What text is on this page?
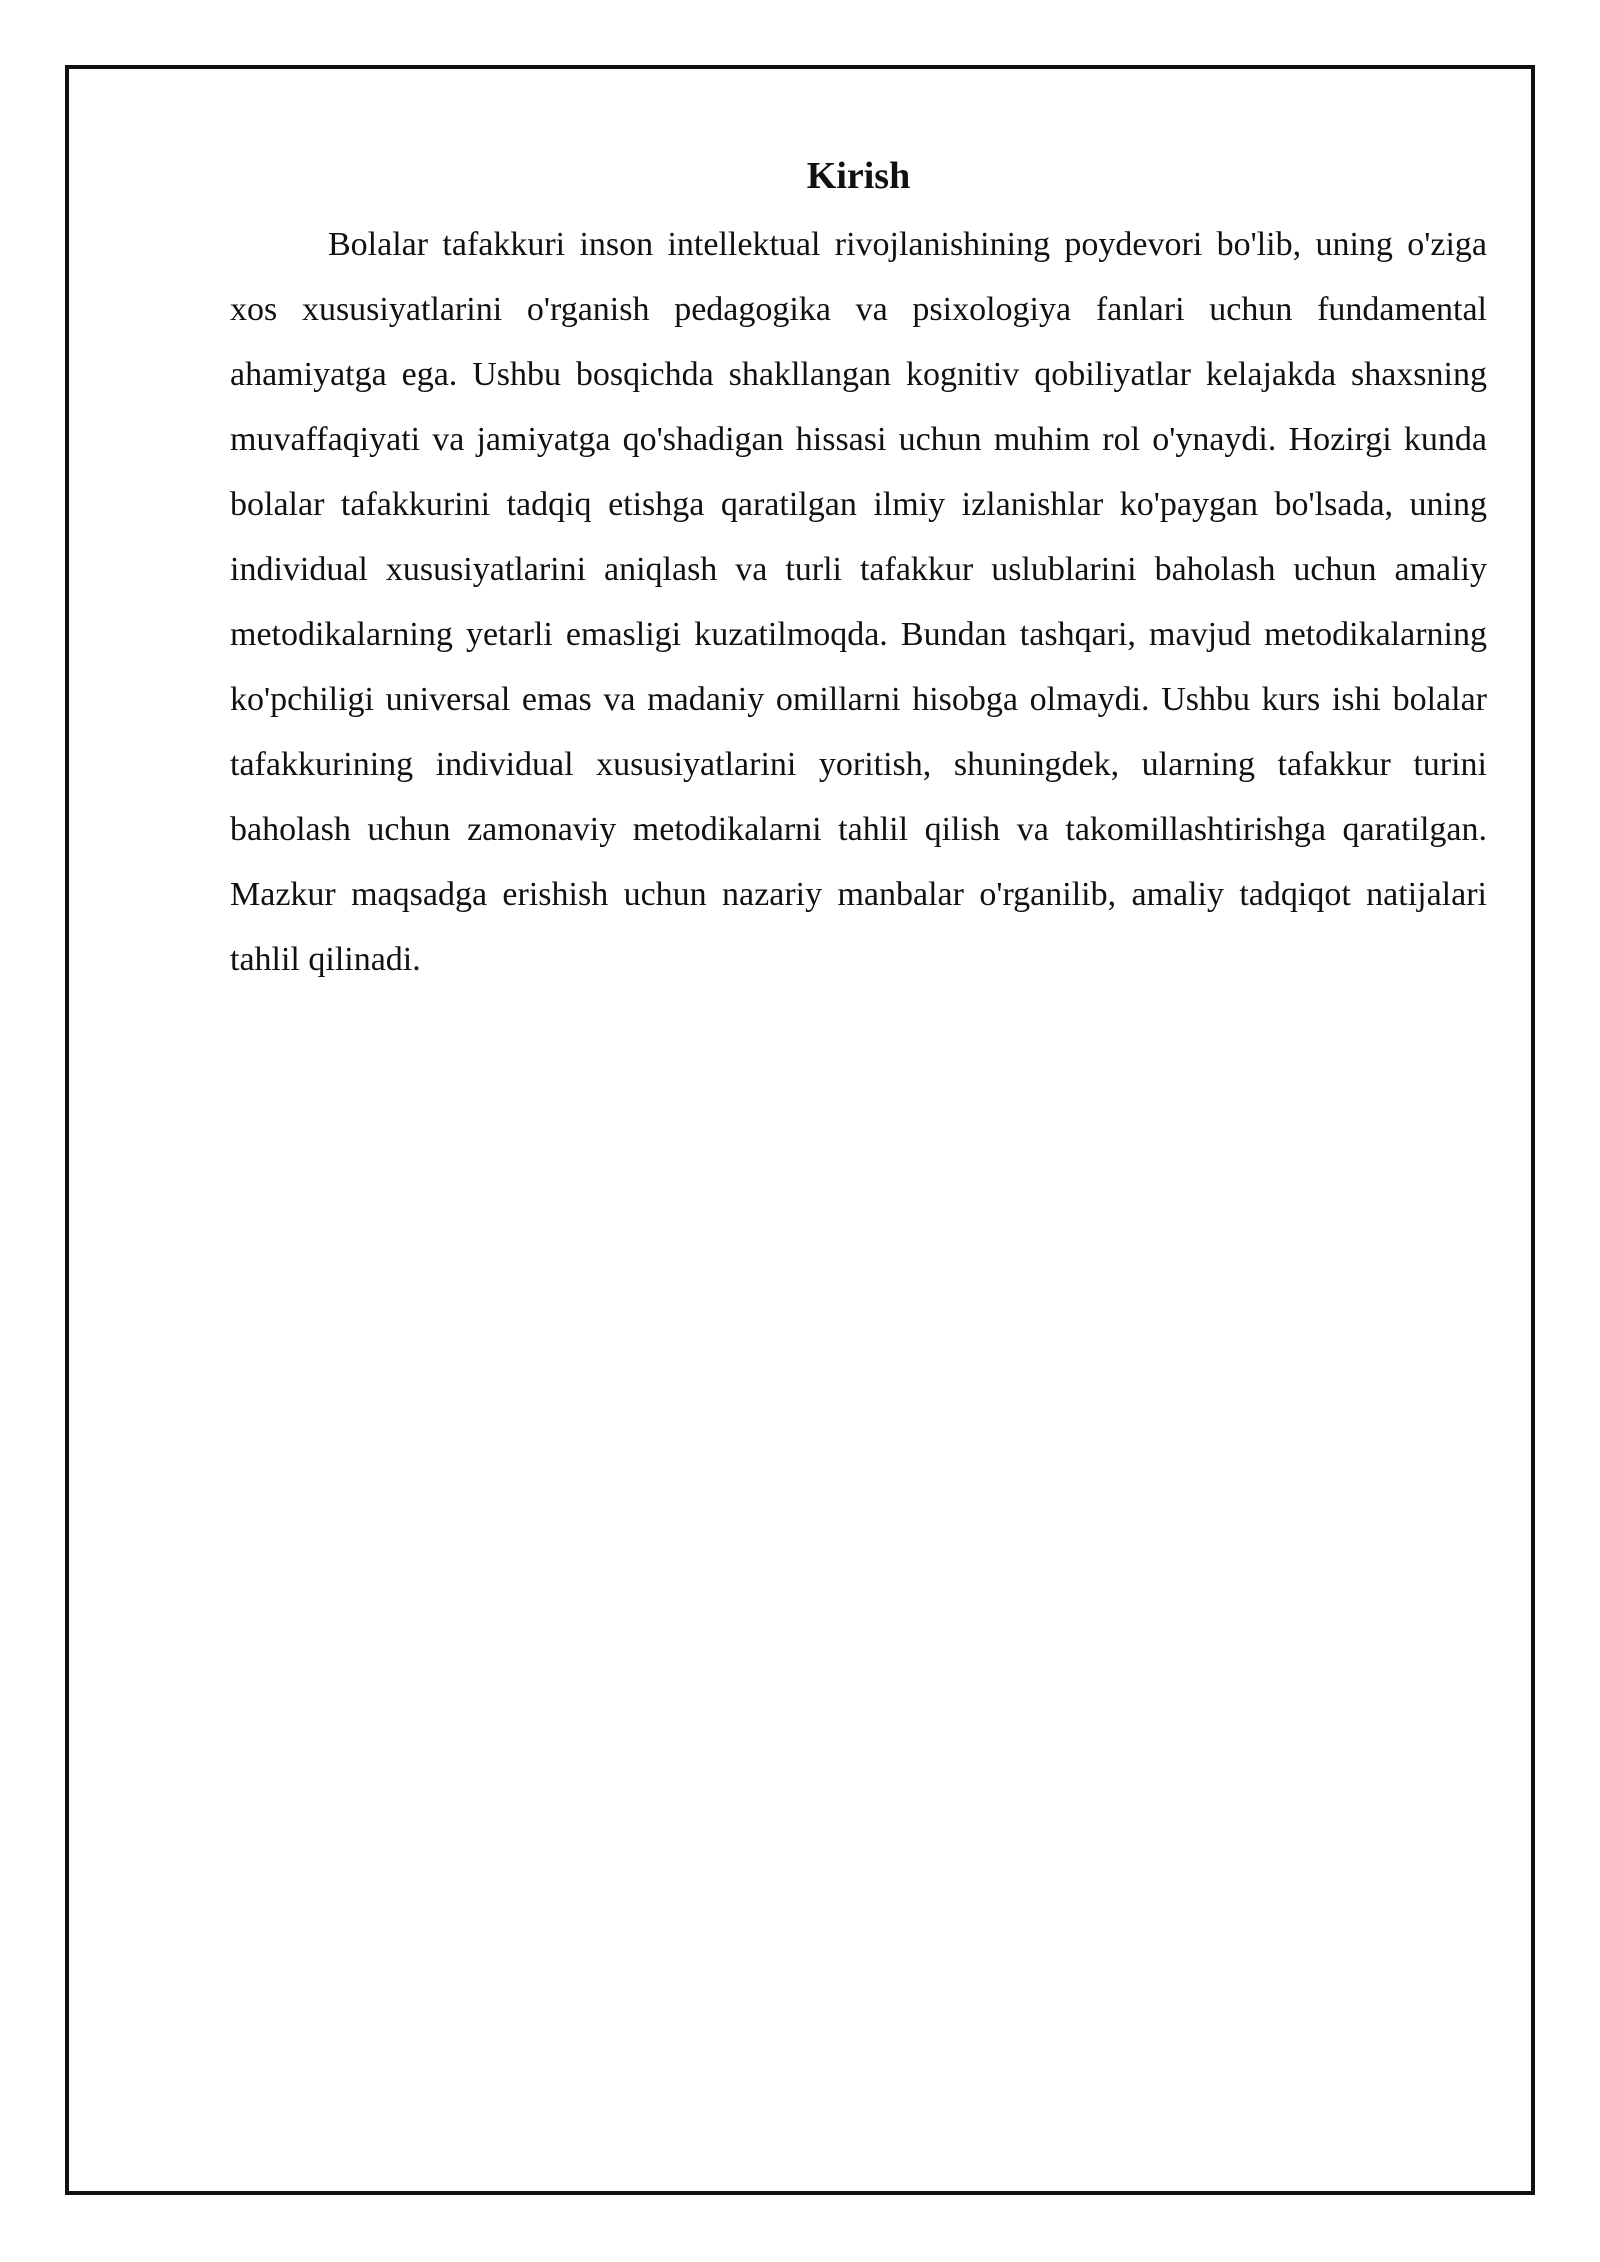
Kirish

Bolalar tafakkuri inson intellektual rivojlanishining poydevori bo'lib, uning o'ziga xos xususiyatlarini o'rganish pedagogika va psixologiya fanlari uchun fundamental ahamiyatga ega. Ushbu bosqichda shakllangan kognitiv qobiliyatlar kelajakda shaxsning muvaffaqiyati va jamiyatga qo'shadigan hissasi uchun muhim rol o'ynaydi. Hozirgi kunda bolalar tafakkurini tadqiq etishga qaratilgan ilmiy izlanishlar ko'paygan bo'lsada, uning individual xususiyatlarini aniqlash va turli tafakkur uslublarini baholash uchun amaliy metodikalarning yetarli emasligi kuzatilmoqda. Bundan tashqari, mavjud metodikalarning ko'pchiligi universal emas va madaniy omillarni hisobga olmaydi. Ushbu kurs ishi bolalar tafakkurining individual xususiyatlarini yoritish, shuningdek, ularning tafakkur turini baholash uchun zamonaviy metodikalarni tahlil qilish va takomillashtirishga qaratilgan. Mazkur maqsadga erishish uchun nazariy manbalar o'rganilib, amaliy tadqiqot natijalari tahlil qilinadi.
